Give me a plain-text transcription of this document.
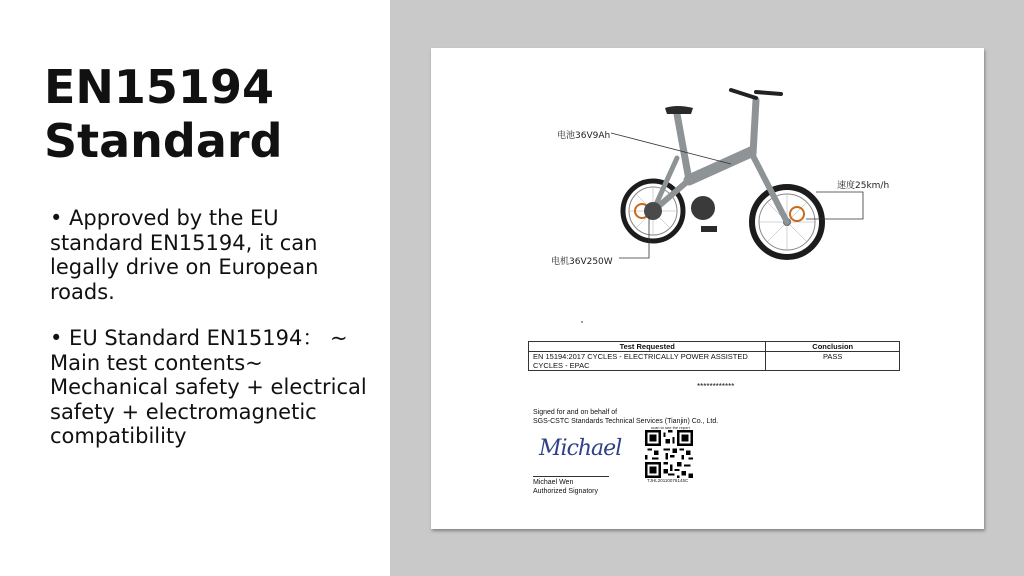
EN15194 Standard
• Approved by the EU standard EN15194, it can legally drive on European roads.
• EU Standard EN15194： ~ Main test contents~ Mechanical safety + electrical safety + electromagnetic compatibility
电池36V9Ah
速度25km/h
电机36V250W
Test Requested	Conclusion
EN 15194:2017 CYCLES - ELECTRICALLY POWER ASSISTED CYCLES - EPAC	PASS
************
Signed for and on behalf of
SGS-CSTC Standards Technical Services (Tianjin) Co., Ltd.
Michael
Michael Wen
Authorized Signatory
scan to see the report
TJHL20110076145C
